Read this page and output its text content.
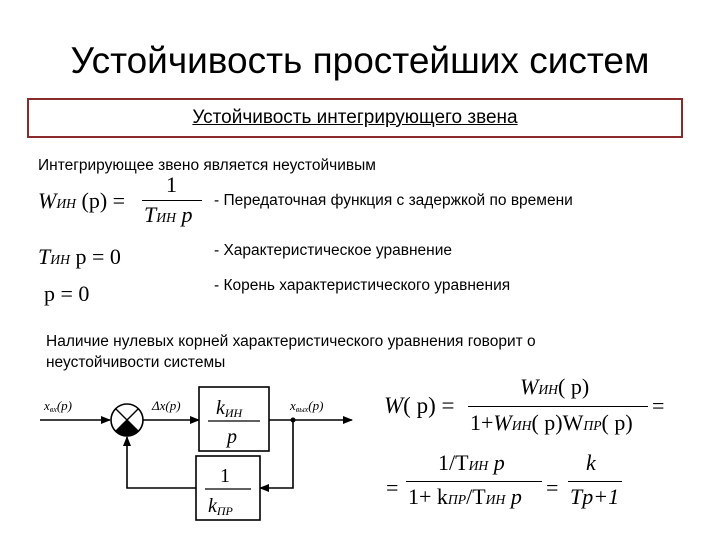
Устойчивость простейших систем
Устойчивость интегрирующего звена
Интегрирующее звено является неустойчивым
WИН (p) =
1
TИН p
- Передаточная функция с задержкой по времени
TИН p = 0	- Характеристическое уравнение
p = 0	- Корень характеристического уравнения
Наличие нулевых корней характеристического уравнения говорит о
неустойчивости системы
xвх(p)	Δx(p) kИН
p
xвых(p)
1
kПР
W( p) =
WИН( p)
1+WИН( p)WПР( p)
=
=
1/TИН p
1+ kПР/TИН p =
k
Tp+1
